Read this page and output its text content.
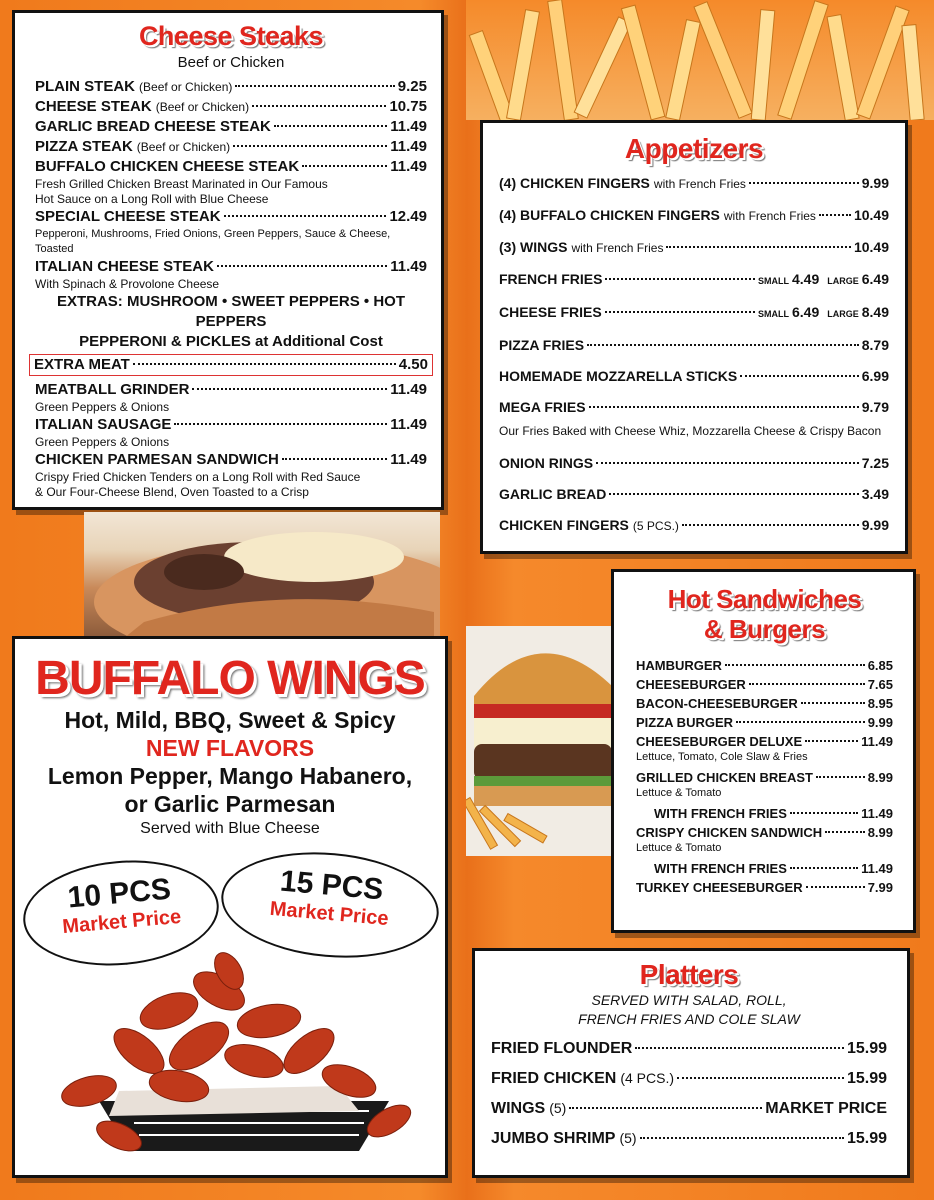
Cheese Steaks
Beef or Chicken
PLAIN STEAK (Beef or Chicken)	9.25
CHEESE STEAK (Beef or Chicken)	10.75
GARLIC BREAD CHEESE STEAK	11.49
PIZZA STEAK (Beef or Chicken)	11.49
BUFFALO CHICKEN CHEESE STEAK	11.49
Fresh Grilled Chicken Breast Marinated in Our Famous
Hot Sauce on a Long Roll with Blue Cheese
SPECIAL CHEESE STEAK	12.49
Pepperoni, Mushrooms, Fried Onions, Green Peppers, Sauce & Cheese, Toasted
ITALIAN CHEESE STEAK	11.49
With Spinach & Provolone Cheese
EXTRAS: MUSHROOM • SWEET PEPPERS • HOT PEPPERS
PEPPERONI & PICKLES at Additional Cost
EXTRA MEAT	4.50
MEATBALL GRINDER	11.49
Green Peppers & Onions
ITALIAN SAUSAGE	11.49
Green Peppers & Onions
CHICKEN PARMESAN SANDWICH	11.49
Crispy Fried Chicken Tenders on a Long Roll with Red Sauce
& Our Four-Cheese Blend, Oven Toasted to a Crisp
Appetizers
(4) CHICKEN FINGERS with French Fries	9.99
(4) BUFFALO CHICKEN FINGERS with French Fries	10.49
(3) WINGS with French Fries	10.49
FRENCH FRIES	SMALL 4.49 LARGE 6.49
CHEESE FRIES	SMALL 6.49 LARGE 8.49
PIZZA FRIES	8.79
HOMEMADE MOZZARELLA STICKS	6.99
MEGA FRIES	9.79
Our Fries Baked with Cheese Whiz, Mozzarella Cheese & Crispy Bacon
ONION RINGS	7.25
GARLIC BREAD	3.49
CHICKEN FINGERS (5 PCS.)	9.99
Hot Sandwiches
& Burgers
HAMBURGER	6.85
CHEESEBURGER	7.65
BACON-CHEESEBURGER	8.95
PIZZA BURGER	9.99
CHEESEBURGER DELUXE	11.49
Lettuce, Tomato, Cole Slaw & Fries
GRILLED CHICKEN BREAST	8.99
Lettuce & Tomato
WITH FRENCH FRIES	11.49
CRISPY CHICKEN SANDWICH	8.99
Lettuce & Tomato
WITH FRENCH FRIES	11.49
TURKEY CHEESEBURGER	7.99
BUFFALO WINGS
Hot, Mild, BBQ, Sweet & Spicy
NEW FLAVORS
Lemon Pepper, Mango Habanero,
or Garlic Parmesan
Served with Blue Cheese
10 PCS
Market Price
15 PCS
Market Price
Platters
SERVED WITH SALAD, ROLL,
FRENCH FRIES AND COLE SLAW
FRIED FLOUNDER	15.99
FRIED CHICKEN (4 PCS.)	15.99
WINGS (5)	MARKET PRICE
JUMBO SHRIMP (5)	15.99
